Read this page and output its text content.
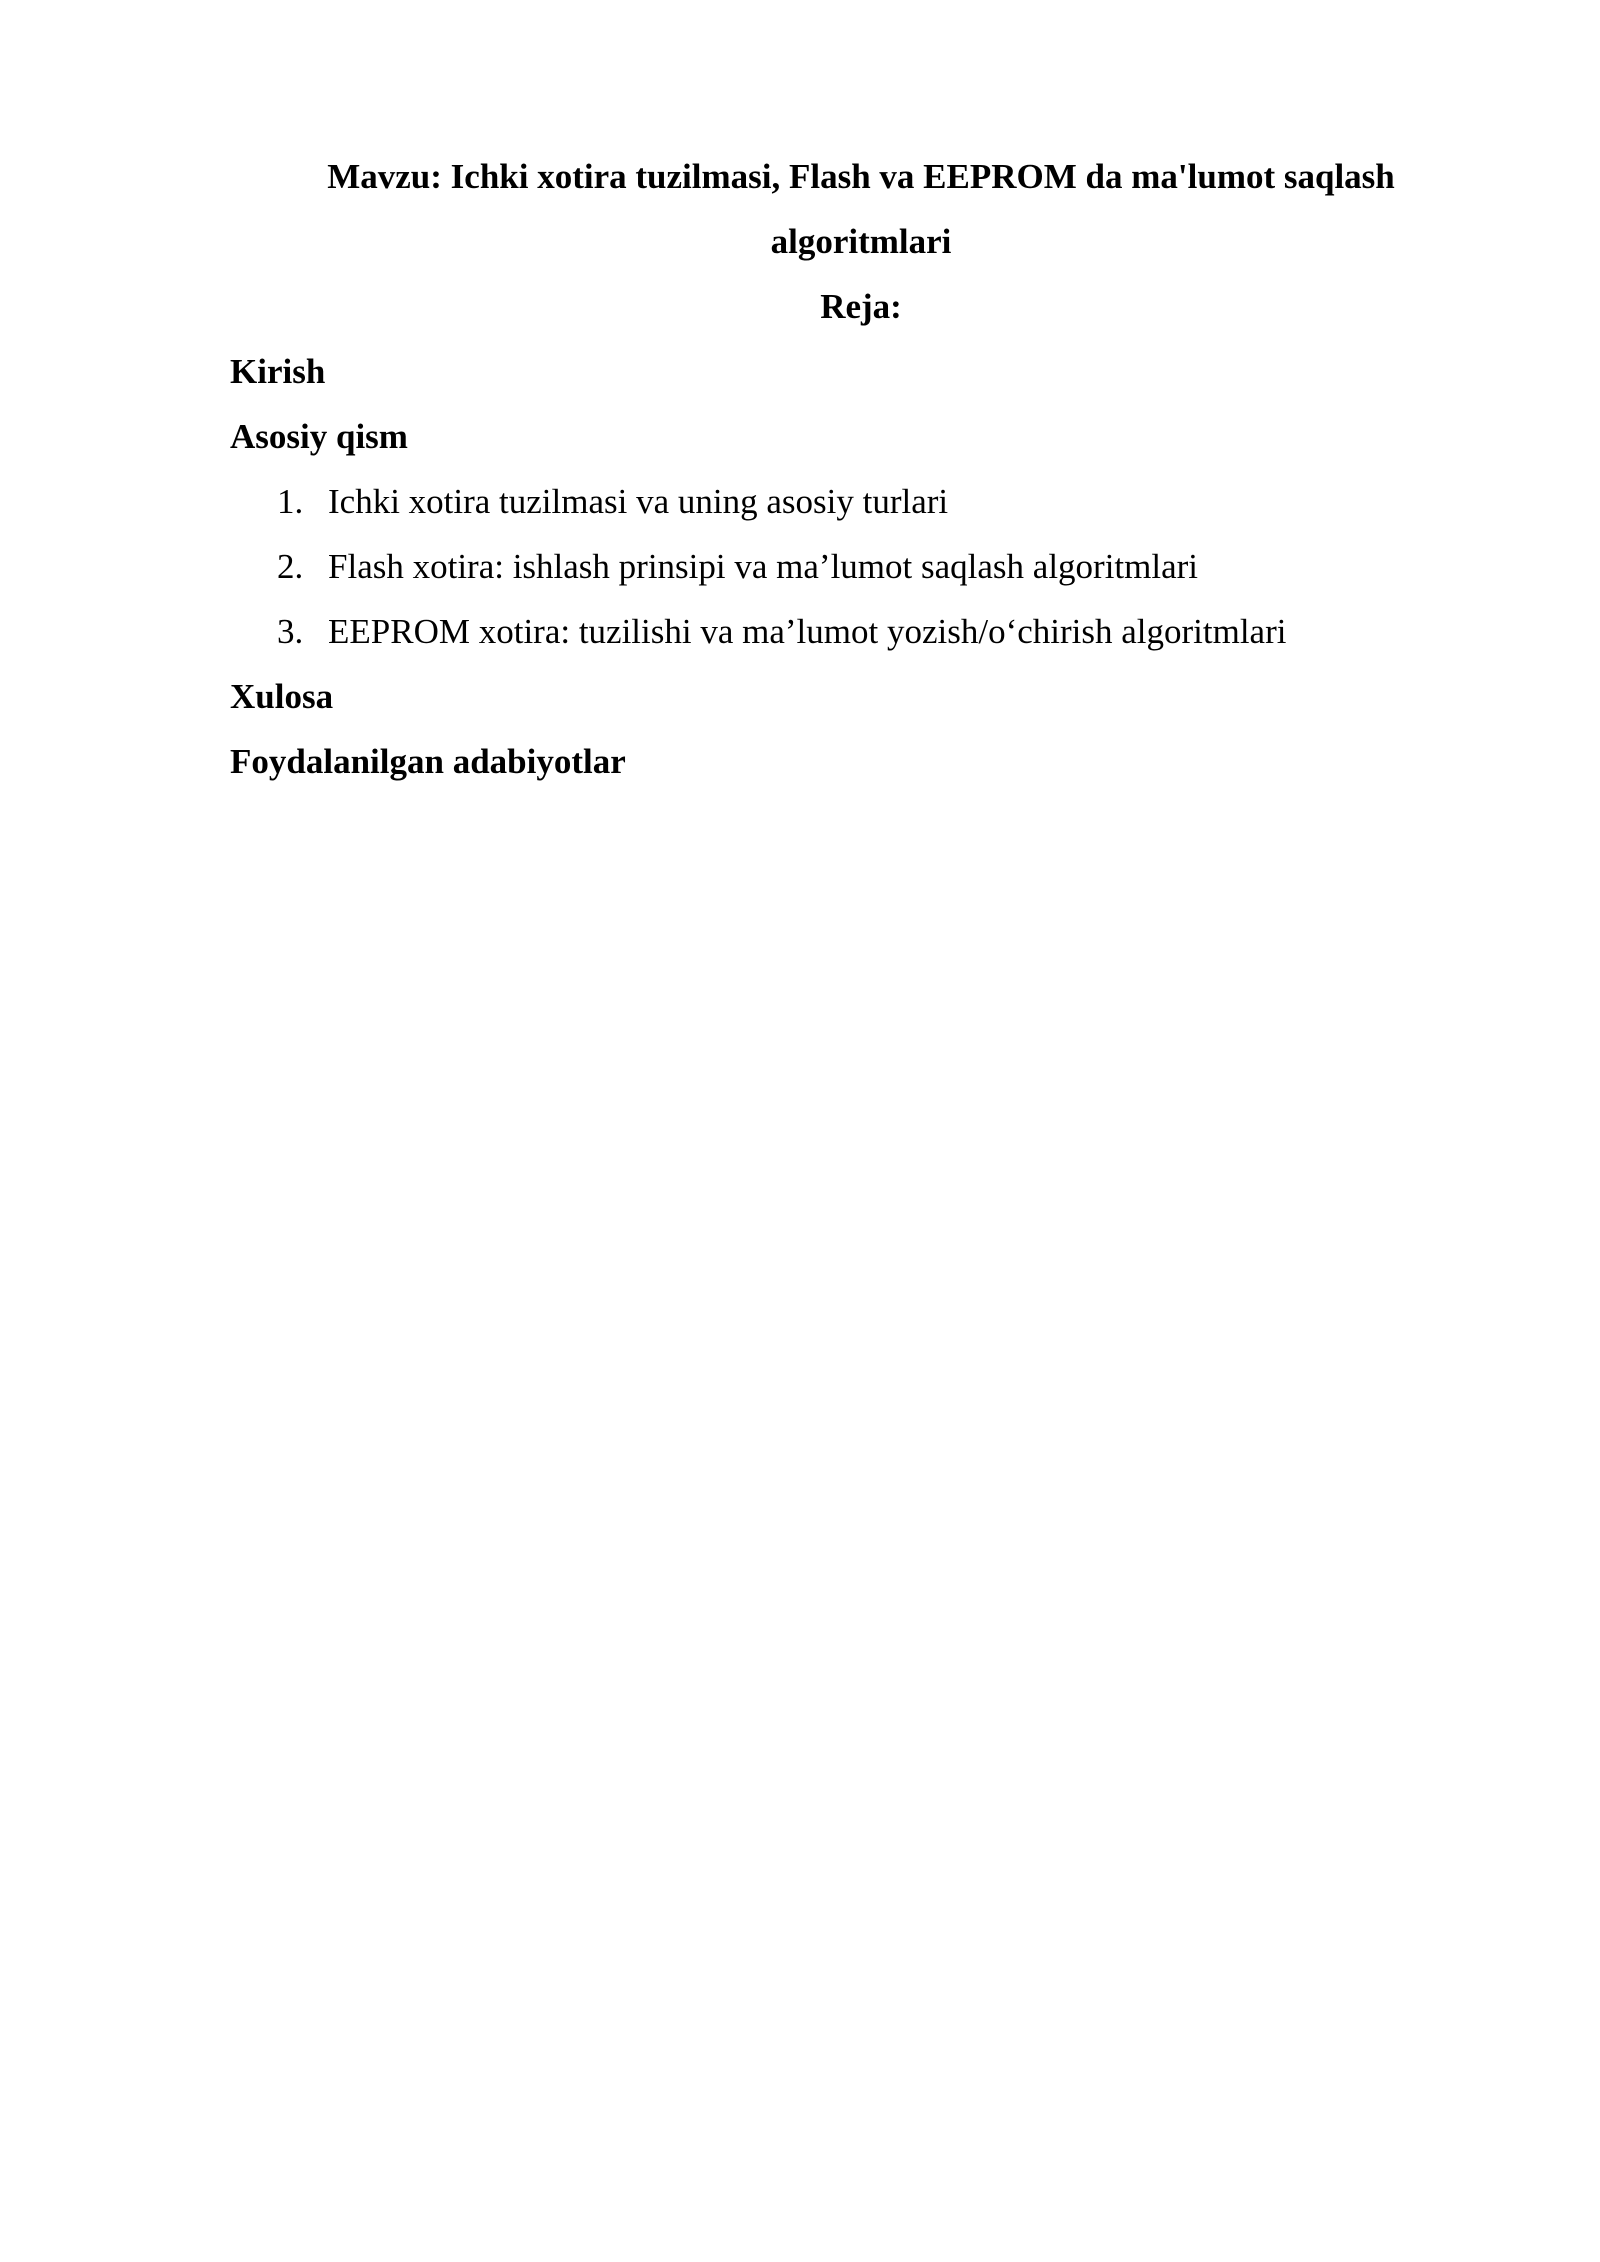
Mavzu: Ichki xotira tuzilmasi, Flash va EEPROM da ma'lumot saqlash
algoritmlari
Reja:
Kirish
Asosiy qism
1. Ichki xotira tuzilmasi va uning asosiy turlari
2. Flash xotira: ishlash prinsipi va ma’lumot saqlash algoritmlari
3. EEPROM xotira: tuzilishi va ma’lumot yozish/o‘chirish algoritmlari
Xulosa
Foydalanilgan adabiyotlar
